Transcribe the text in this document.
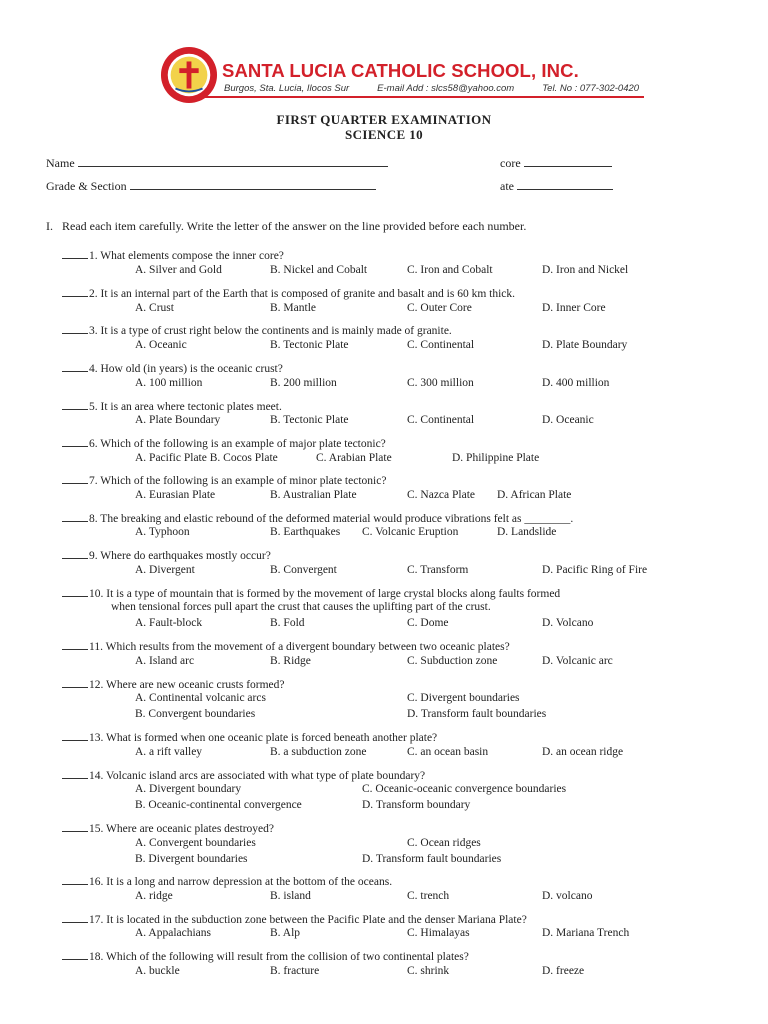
SANTA LUCIA CATHOLIC SCHOOL, INC.
Burgos, Sta. Lucia, Ilocos Sur	E-mail Add : slcs58@yahoo.com	Tel. No : 077-302-0420
FIRST QUARTER EXAMINATION
SCIENCE 10
Name	core
Grade & Section	ate
I. Read each item carefully. Write the letter of the answer on the line provided before each number.
1. What elements compose the inner core?
A. Silver and Gold	B. Nickel and Cobalt	C. Iron and Cobalt	D. Iron and Nickel
2. It is an internal part of the Earth that is composed of granite and basalt and is 60 km thick.
A. Crust	B. Mantle	C. Outer Core	D. Inner Core
3. It is a type of crust right below the continents and is mainly made of granite.
A. Oceanic	B. Tectonic Plate	C. Continental	D. Plate Boundary
4. How old (in years) is the oceanic crust?
A. 100 million	B. 200 million	C. 300 million	D. 400 million
5. It is an area where tectonic plates meet.
A. Plate Boundary	B. Tectonic Plate	C. Continental	D. Oceanic
6. Which of the following is an example of major plate tectonic?
A. Pacific Plate B. Cocos Plate	C. Arabian Plate	D. Philippine Plate
7. Which of the following is an example of minor plate tectonic?
A. Eurasian Plate	B. Australian Plate	C. Nazca Plate D. African Plate
8. The breaking and elastic rebound of the deformed material would produce vibrations felt as ________.
A. Typhoon	B. Earthquakes C. Volcanic Eruption	D. Landslide
9. Where do earthquakes mostly occur?
A. Divergent	B. Convergent	C. Transform	D. Pacific Ring of Fire
10. It is a type of mountain that is formed by the movement of large crystal blocks along faults formed
when tensional forces pull apart the crust that causes the uplifting part of the crust.
A. Fault-block	B. Fold	C. Dome	D. Volcano
11. Which results from the movement of a divergent boundary between two oceanic plates?
A. Island arc	B. Ridge	C. Subduction zone	D. Volcanic arc
12. Where are new oceanic crusts formed?
A. Continental volcanic arcs	C. Divergent boundaries
B. Convergent boundaries	D. Transform fault boundaries
13. What is formed when one oceanic plate is forced beneath another plate?
A. a rift valley	B. a subduction zone	C. an ocean basin	D. an ocean ridge
14. Volcanic island arcs are associated with what type of plate boundary?
A. Divergent boundary	C. Oceanic-oceanic convergence boundaries
B. Oceanic-continental convergence	D. Transform boundary
15. Where are oceanic plates destroyed?
A. Convergent boundaries	C. Ocean ridges
B. Divergent boundaries	D. Transform fault boundaries
16. It is a long and narrow depression at the bottom of the oceans.
A. ridge	B. island	C. trench	D. volcano
17. It is located in the subduction zone between the Pacific Plate and the denser Mariana Plate?
A. Appalachians	B. Alp	C. Himalayas	D. Mariana Trench
18. Which of the following will result from the collision of two continental plates?
A. buckle	B. fracture	C. shrink	D. freeze
